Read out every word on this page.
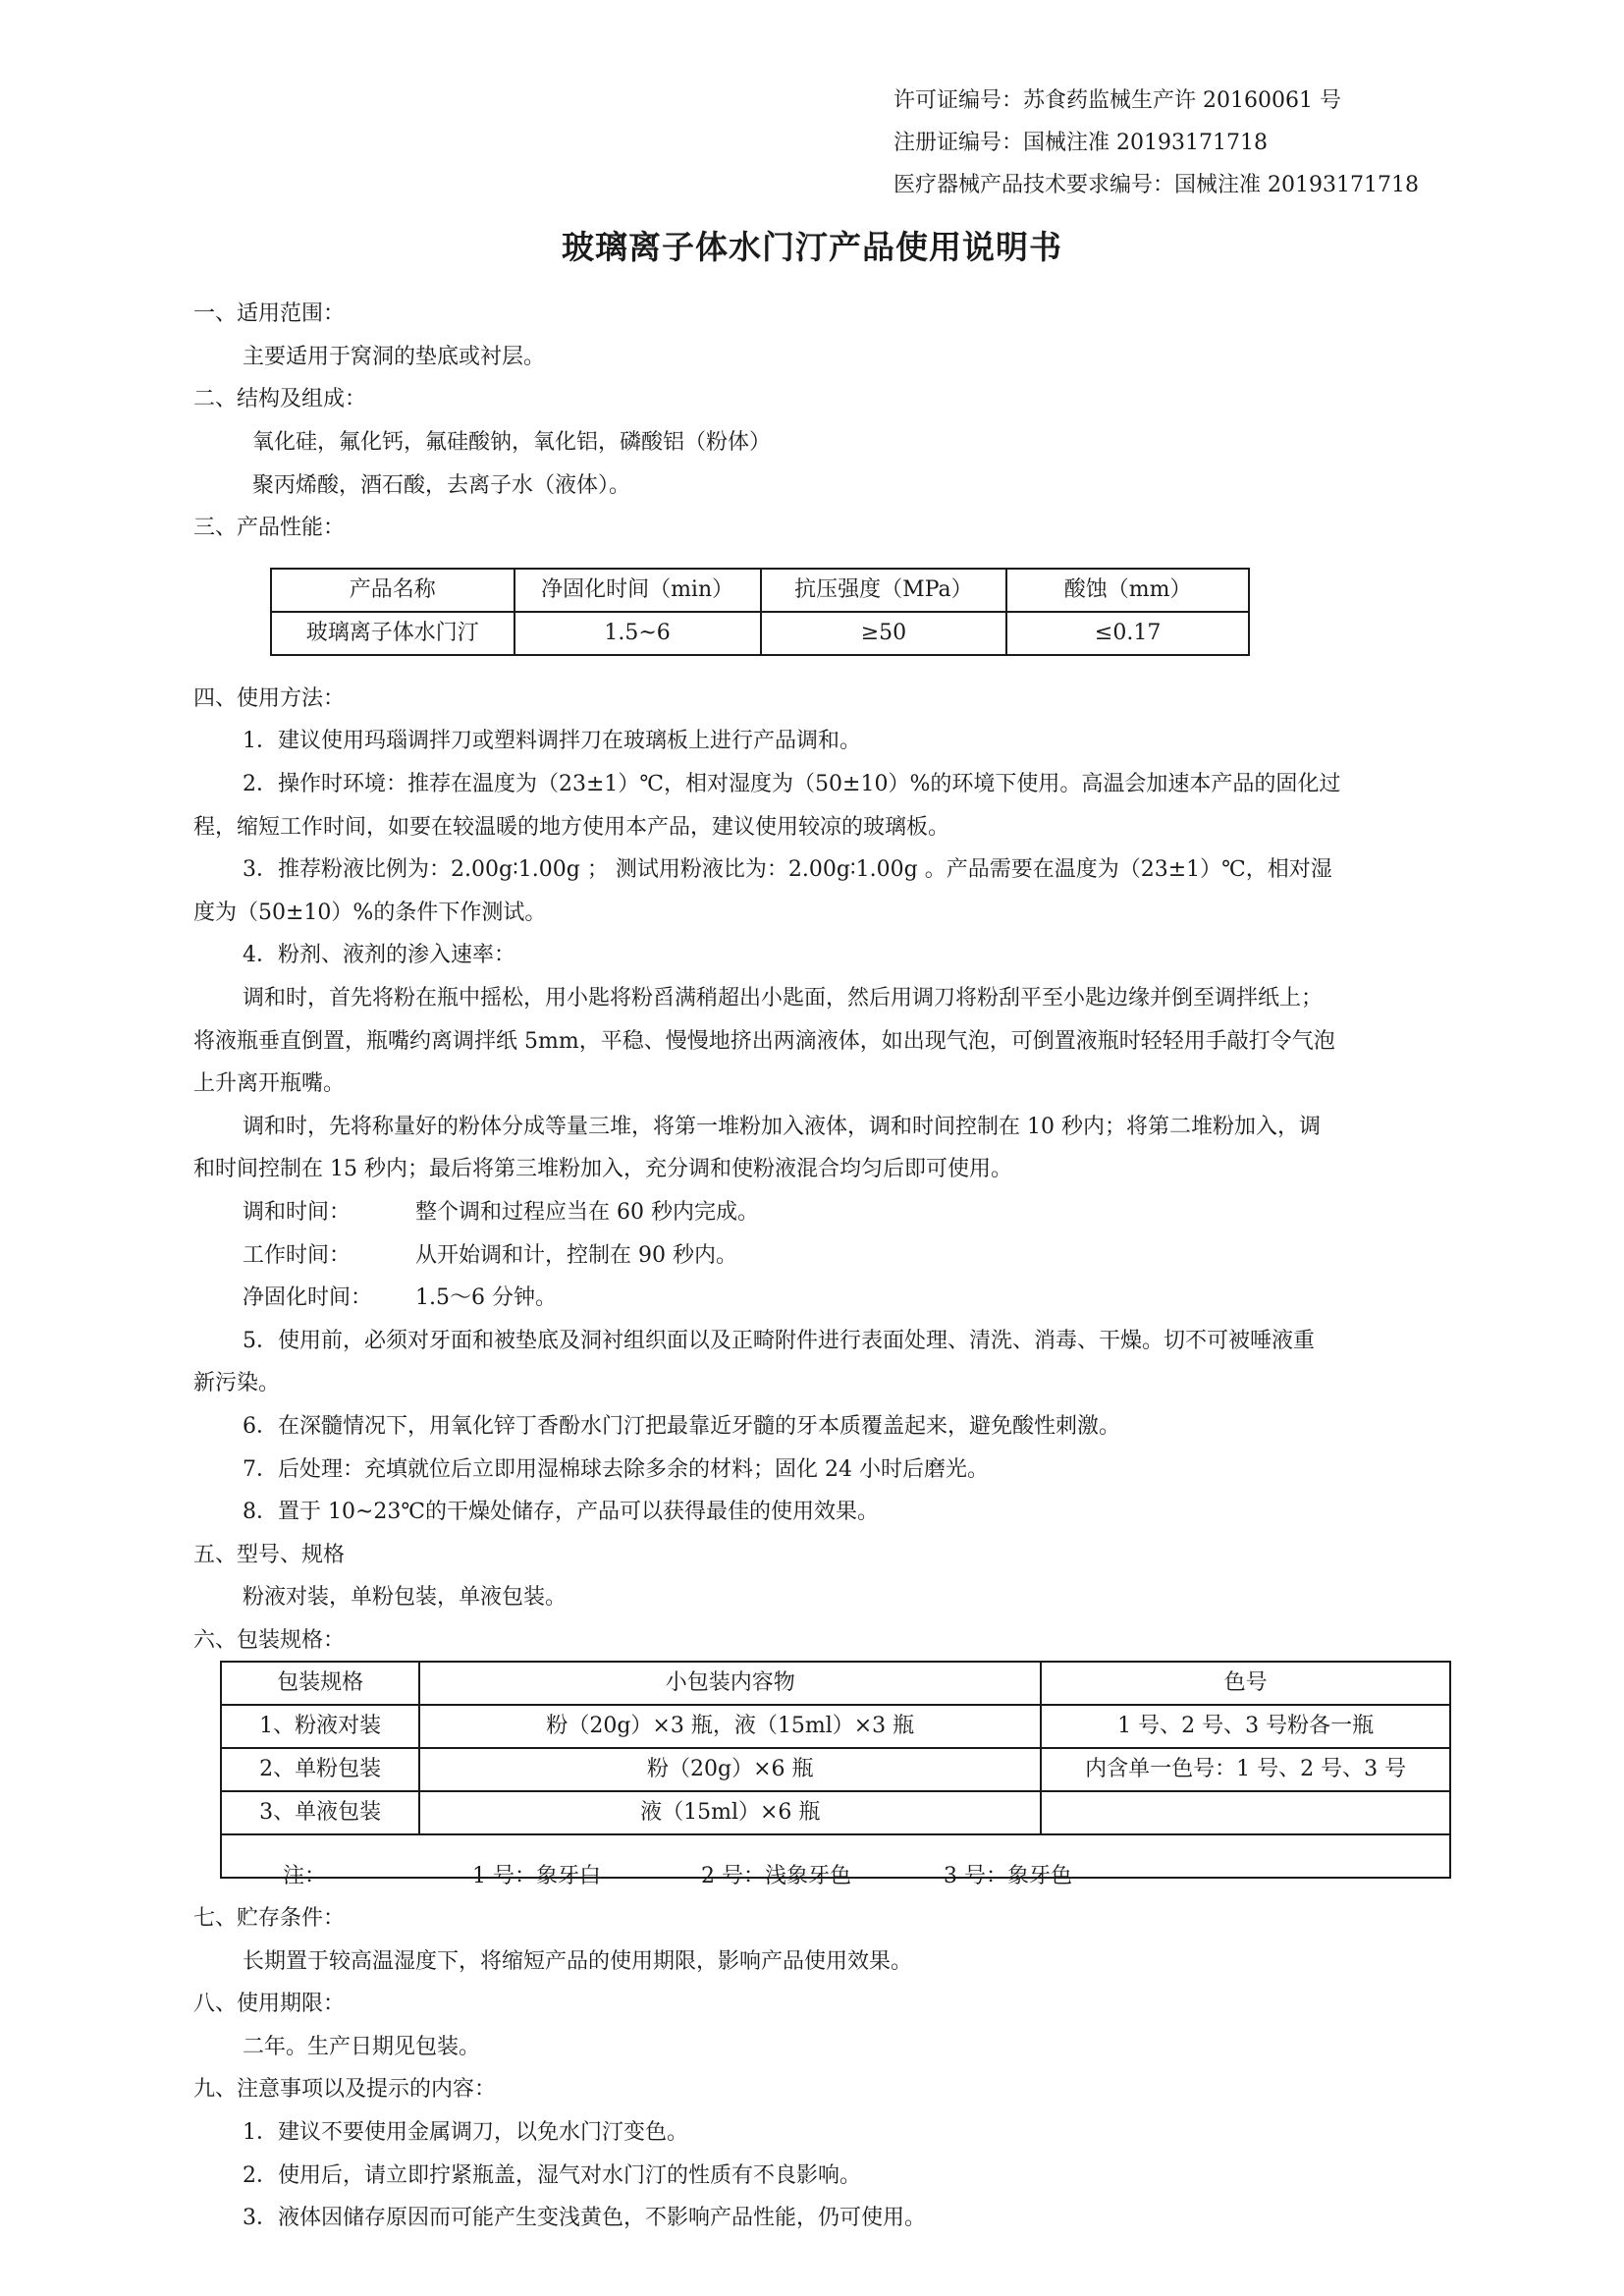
许可证编号：苏食药监械生产许 20160061 号
注册证编号：国械注准 20193171718
医疗器械产品技术要求编号：国械注准 20193171718
玻璃离子体水门汀产品使用说明书
一、适用范围：
主要适用于窝洞的垫底或衬层。
二、结构及组成：
氧化硅，氟化钙，氟硅酸钠，氧化铝，磷酸铝（粉体）
聚丙烯酸，酒石酸，去离子水（液体）。
三、产品性能：
产品名称	净固化时间（min）	抗压强度（MPa）	酸蚀（mm）
玻璃离子体水门汀	1.5~6	≥50	≤0.17
四、使用方法：
1．建议使用玛瑙调拌刀或塑料调拌刀在玻璃板上进行产品调和。
2．操作时环境：推荐在温度为（23±1）℃，相对湿度为（50±10）%的环境下使用。高温会加速本产品的固化过
程，缩短工作时间，如要在较温暖的地方使用本产品，建议使用较凉的玻璃板。
3．推荐粉液比例为：2.00g∶1.00g ； 测试用粉液比为：2.00g∶1.00g 。产品需要在温度为（23±1）℃，相对湿
度为（50±10）%的条件下作测试。
4．粉剂、液剂的渗入速率：
调和时，首先将粉在瓶中摇松，用小匙将粉舀满稍超出小匙面，然后用调刀将粉刮平至小匙边缘并倒至调拌纸上；
将液瓶垂直倒置，瓶嘴约离调拌纸 5mm，平稳、慢慢地挤出两滴液体，如出现气泡，可倒置液瓶时轻轻用手敲打令气泡
上升离开瓶嘴。
调和时，先将称量好的粉体分成等量三堆，将第一堆粉加入液体，调和时间控制在 10 秒内；将第二堆粉加入，调
和时间控制在 15 秒内；最后将第三堆粉加入，充分调和使粉液混合均匀后即可使用。
调和时间：	整个调和过程应当在 60 秒内完成。
工作时间：	从开始调和计，控制在 90 秒内。
净固化时间： 1.5～6 分钟。
5．使用前，必须对牙面和被垫底及洞衬组织面以及正畸附件进行表面处理、清洗、消毒、干燥。切不可被唾液重
新污染。
6．在深髓情况下，用氧化锌丁香酚水门汀把最靠近牙髓的牙本质覆盖起来，避免酸性刺激。
7．后处理：充填就位后立即用湿棉球去除多余的材料；固化 24 小时后磨光。
8．置于 10~23℃的干燥处储存，产品可以获得最佳的使用效果。
五、型号、规格
粉液对装，单粉包装，单液包装。
六、包装规格：
包装规格	小包装内容物	色号
1、粉液对装	粉（20g）×3 瓶，液（15ml）×3 瓶	1 号、2 号、3 号粉各一瓶
2、单粉包装	粉（20g）×6 瓶	内含单一色号：1 号、2 号、3 号
3、单液包装	液（15ml）×6 瓶	

注： 1 号：象牙白 2 号：浅象牙色 3 号：象牙色		
七、贮存条件：
长期置于较高温湿度下，将缩短产品的使用期限，影响产品使用效果。
八、使用期限：
二年。生产日期见包装。
九、注意事项以及提示的内容：
1．建议不要使用金属调刀，以免水门汀变色。
2．使用后，请立即拧紧瓶盖，湿气对水门汀的性质有不良影响。
3．液体因储存原因而可能产生变浅黄色，不影响产品性能，仍可使用。
